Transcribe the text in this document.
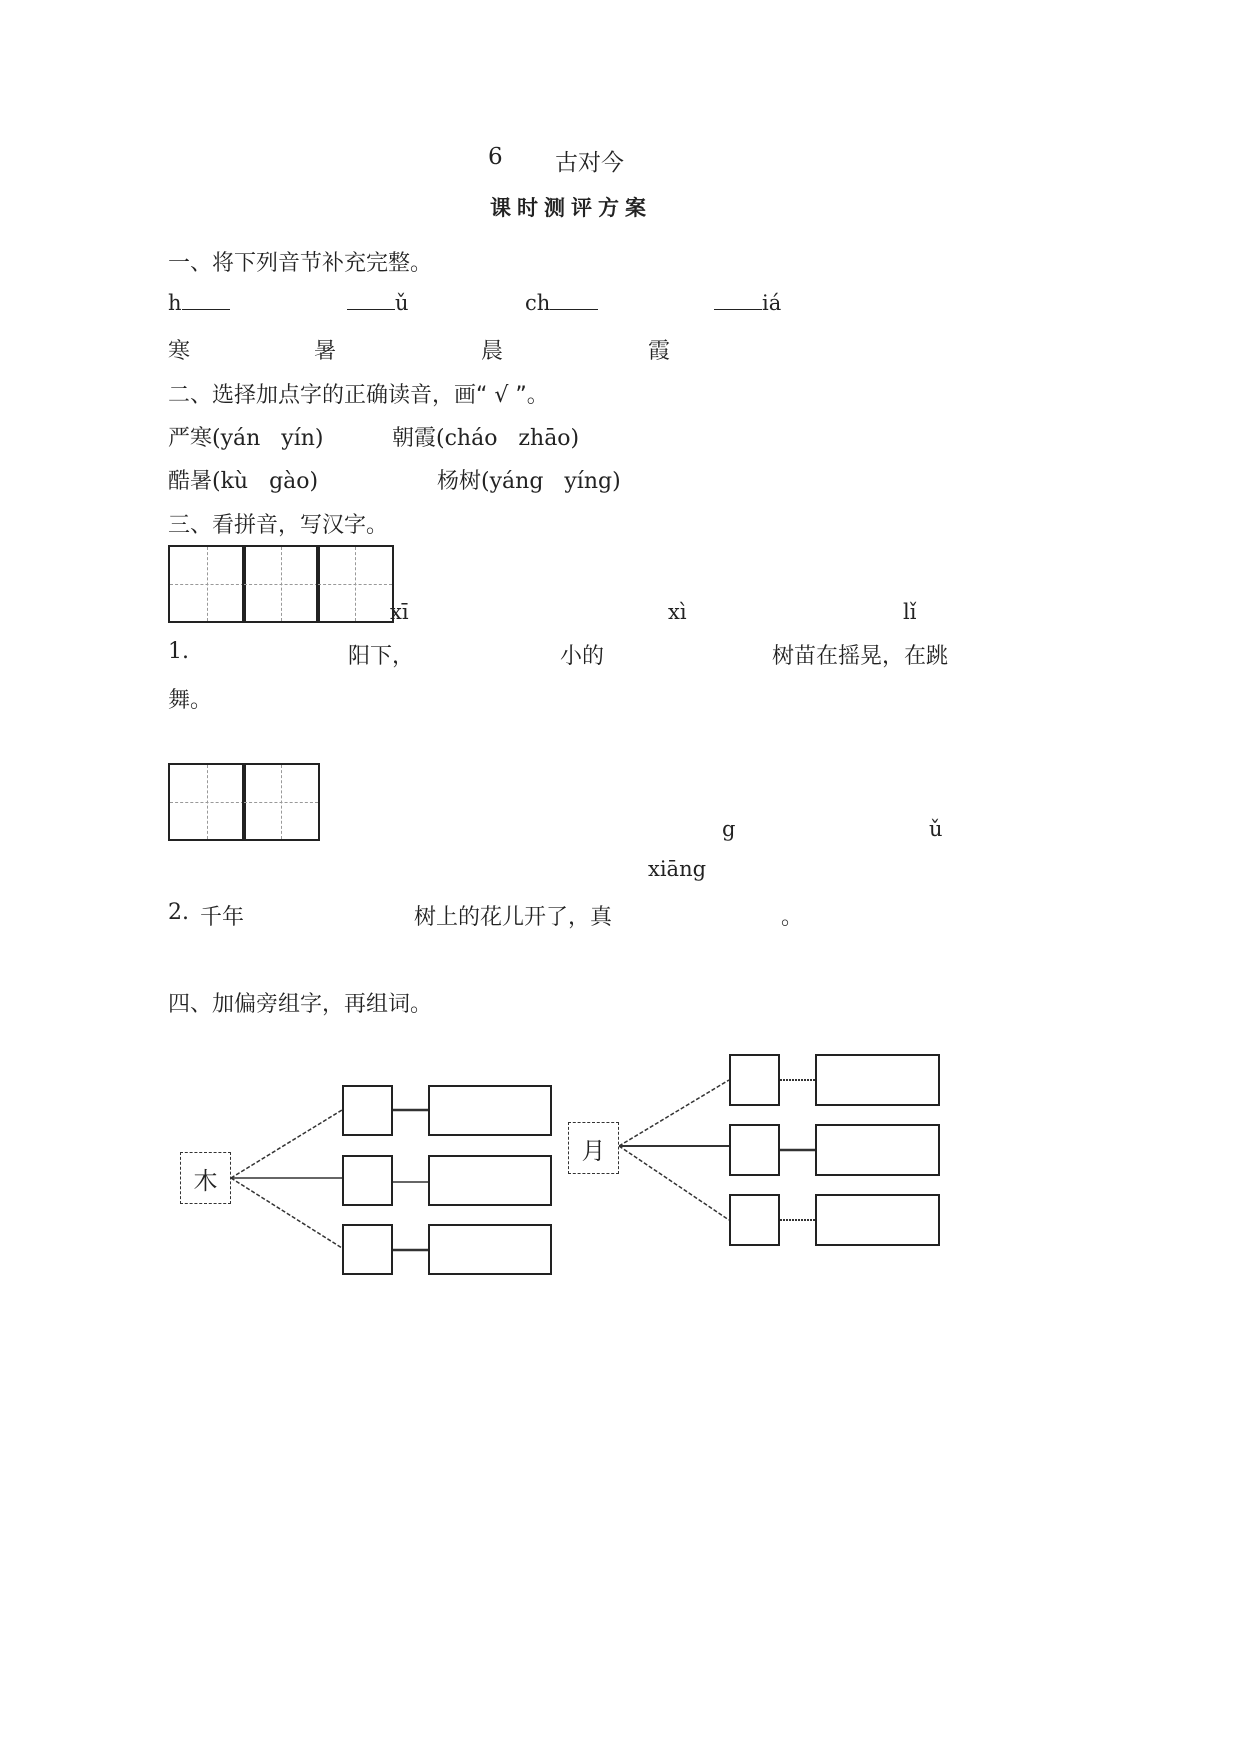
6 古对今
课时测评方案
一、将下列音节补充完整。
h	ǔ	ch	iá
寒	暑	晨	霞
二、选择加点字的正确读音，画“ √ ”。
严寒(yán   yín)	朝霞(cháo   zhāo)
酷暑(kù   gào)	杨树(yáng   yíng)
三、看拼音，写汉字。
xī	xì	lǐ
1.	阳下，	小的	树苗在摇晃，在跳
舞。
g	ǔ
xiāng
2. 千年	树上的花儿开了，真	。
四、加偏旁组字，再组词。
木
月
